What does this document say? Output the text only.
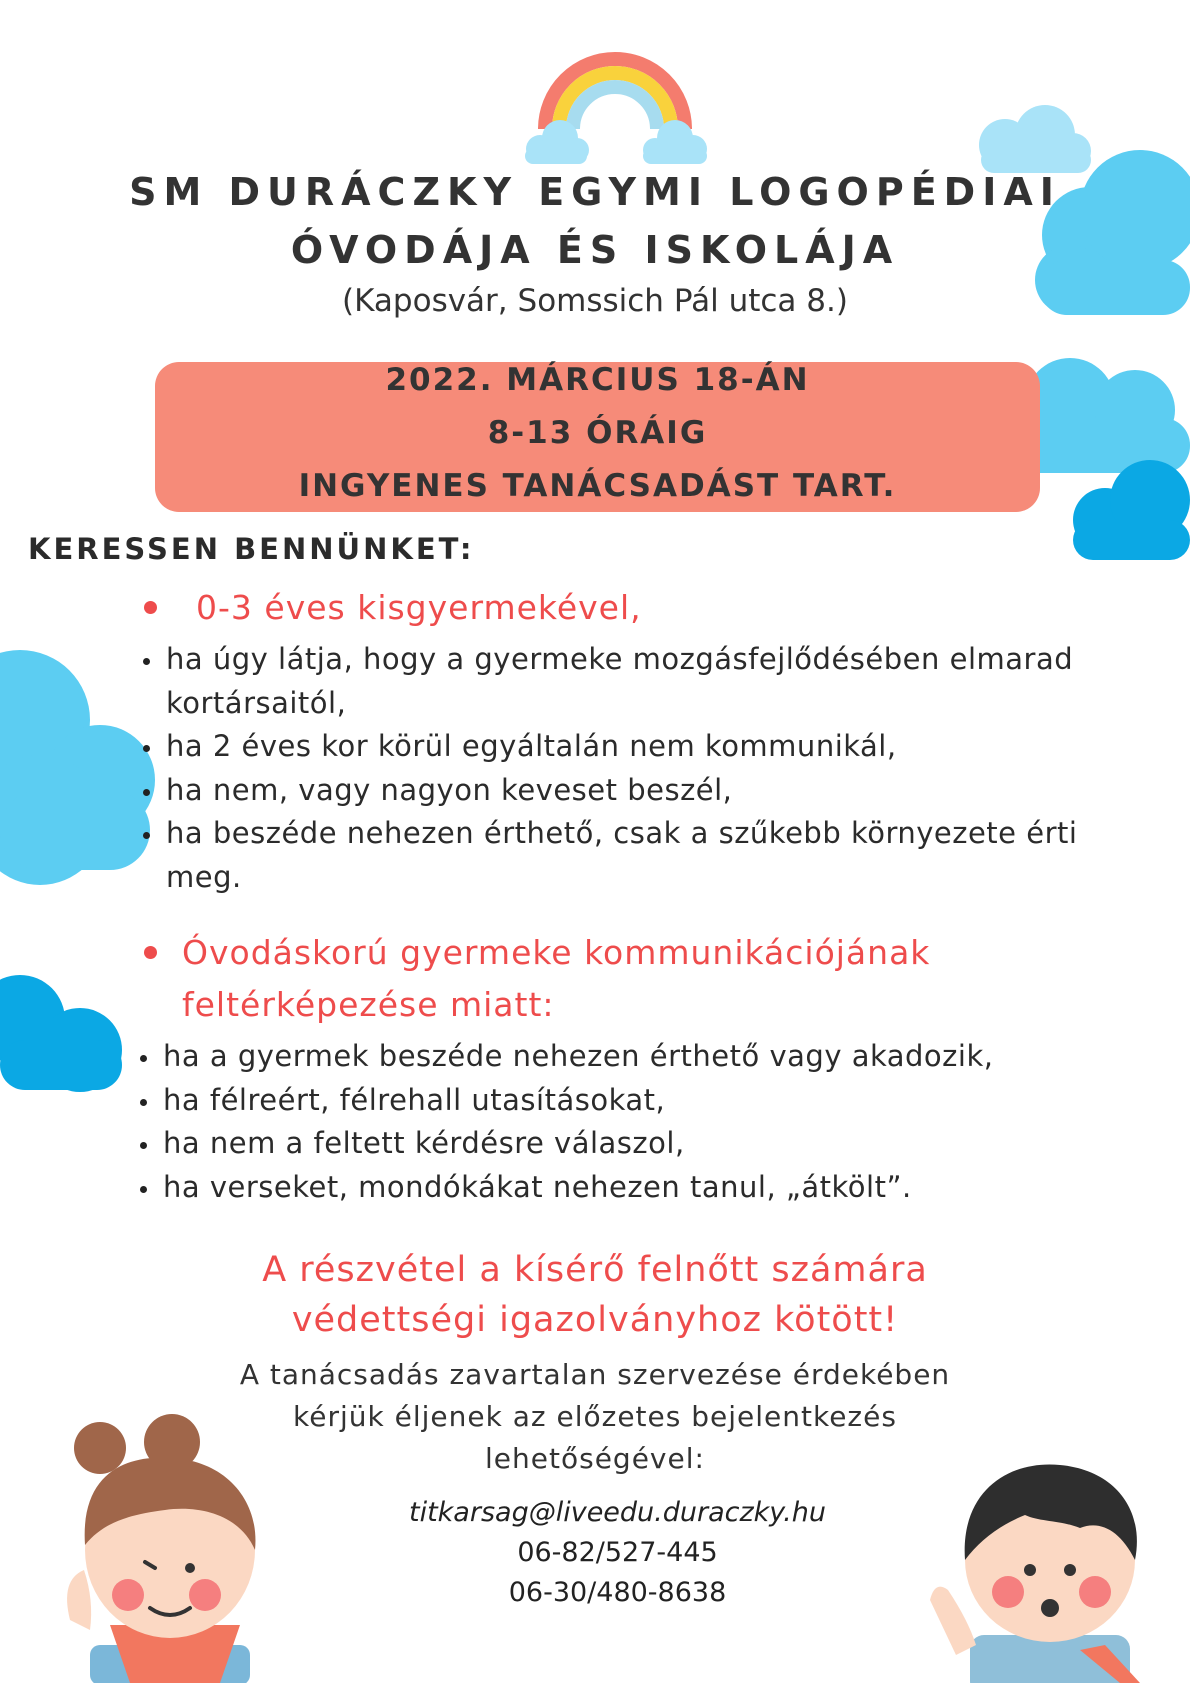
SM DURÁCZKY EGYMI LOGOPÉDIAI
ÓVODÁJA ÉS ISKOLÁJA
(Kaposvár, Somssich Pál utca 8.)
2022. MÁRCIUS 18-ÁN
8-13 ÓRÁIG
INGYENES TANÁCSADÁST TART.
KERESSEN BENNÜNKET:
0-3 éves kisgyermekével,
ha úgy látja, hogy a gyermeke mozgásfejlődésében elmarad kortársaitól,
ha 2 éves kor körül egyáltalán nem kommunikál,
ha nem, vagy nagyon keveset beszél,
ha beszéde nehezen érthető, csak a szűkebb környezete érti meg.
Óvodáskorú gyermeke kommunikációjának
feltérképezése miatt:
ha a gyermek beszéde nehezen érthető vagy akadozik,
ha félreért, félrehall utasításokat,
ha nem a feltett kérdésre válaszol,
ha verseket, mondókákat nehezen tanul, „átkölt”.
A részvétel a kísérő felnőtt számára
védettségi igazolványhoz kötött!
A tanácsadás zavartalan szervezése érdekében
kérjük éljenek az előzetes bejelentkezés
lehetőségével:
titkarsag@liveedu.duraczky.hu
06-82/527-445
06-30/480-8638
